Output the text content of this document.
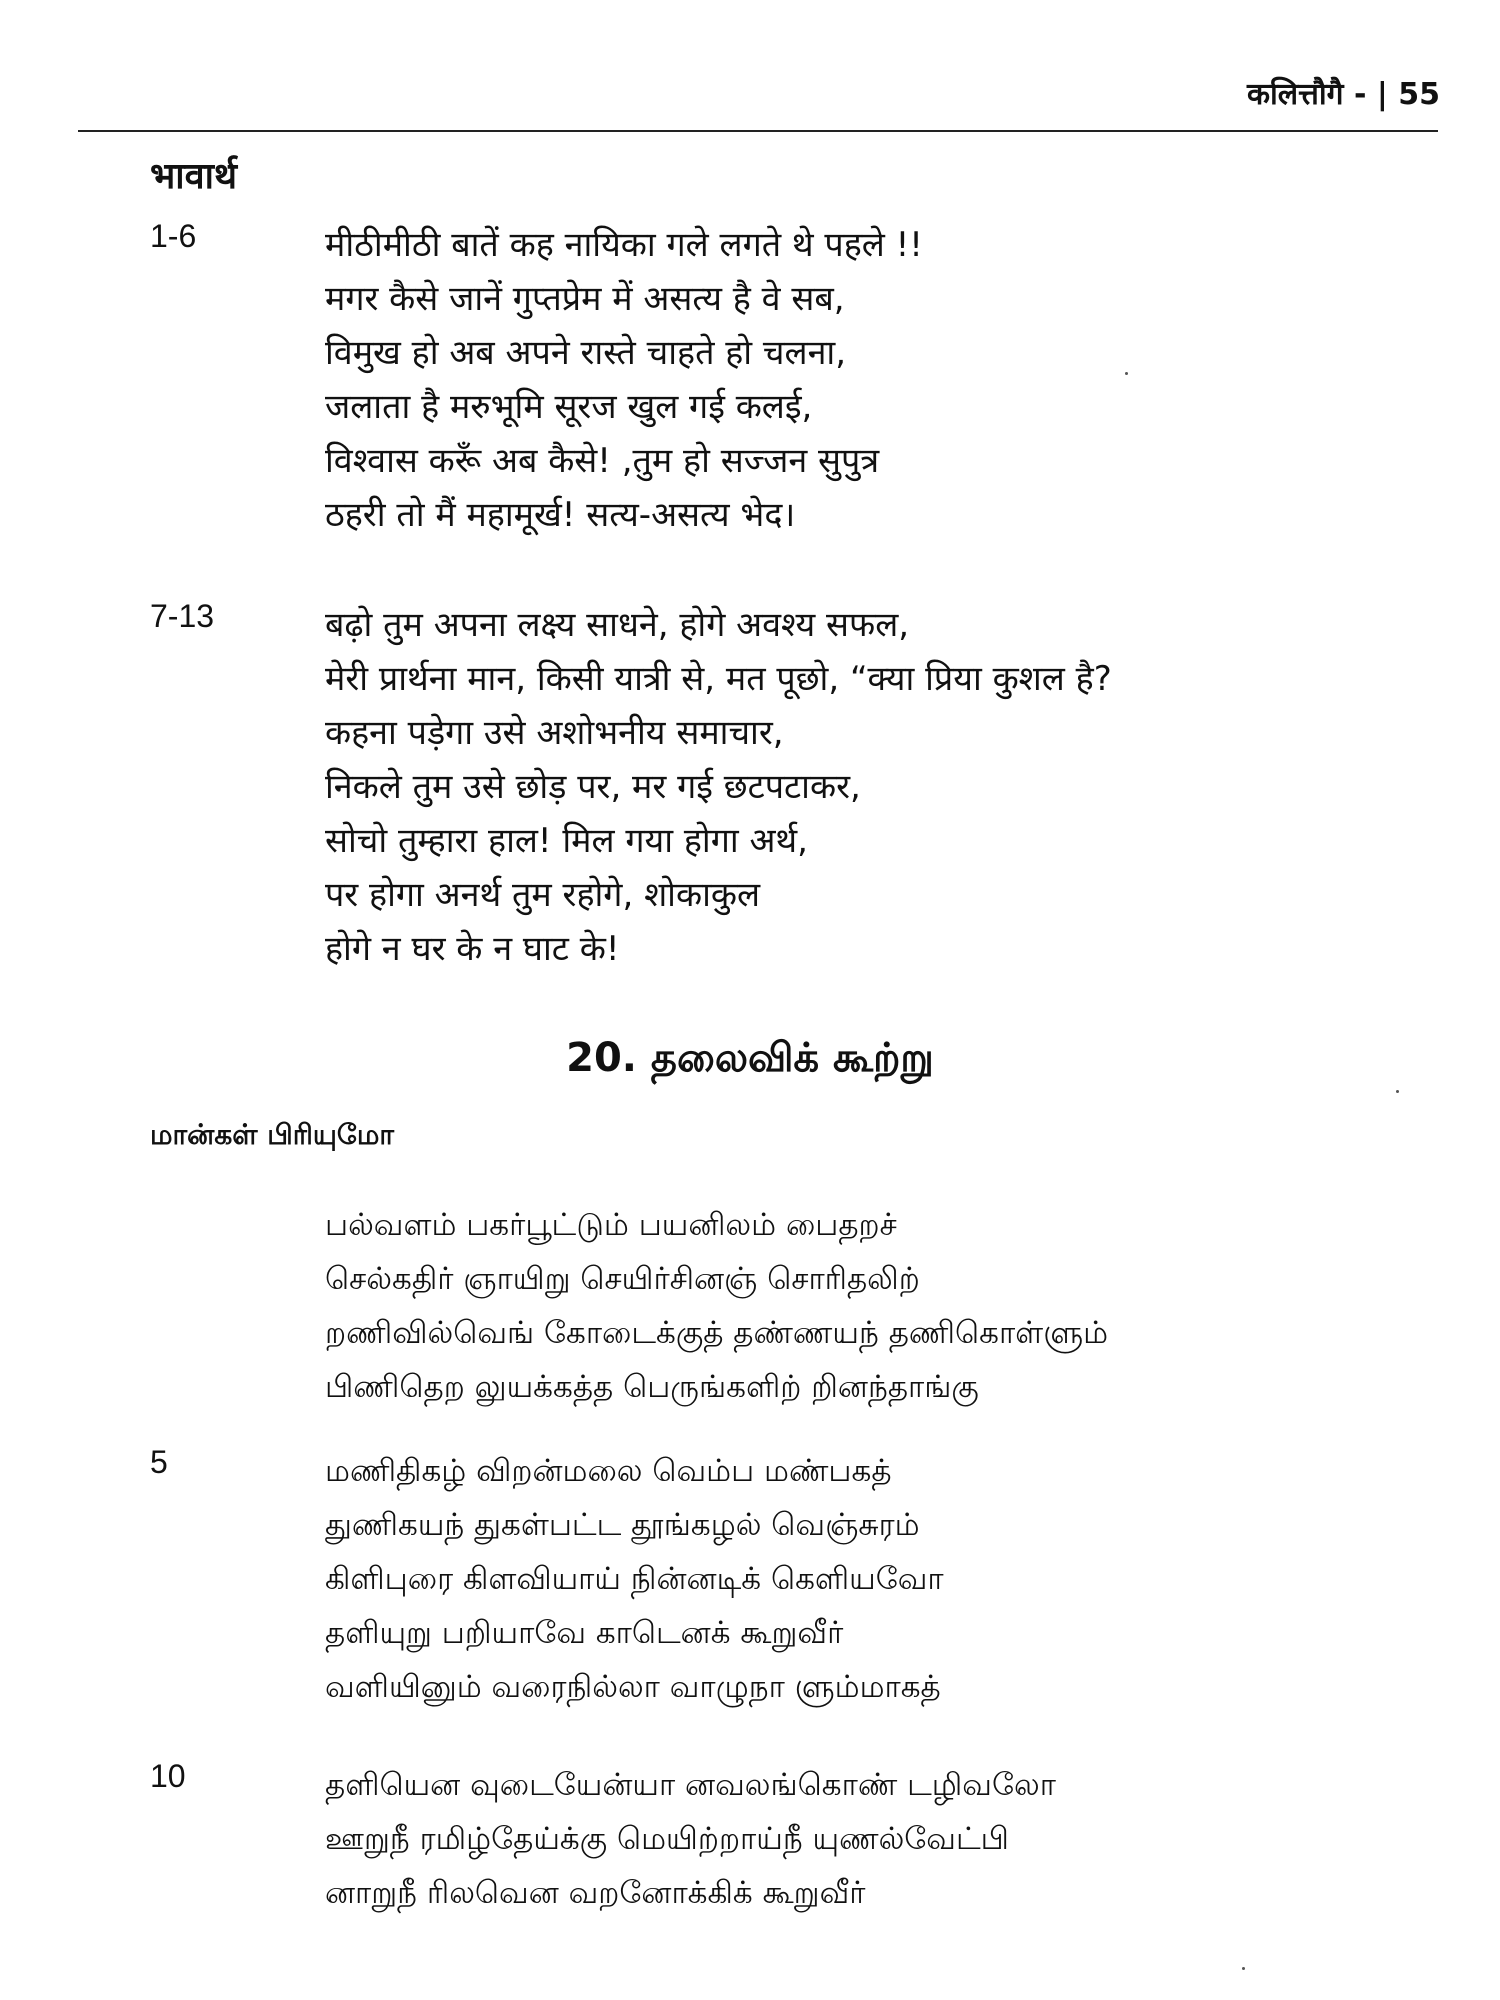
कलित्तौगै - | 55
भावार्थ
1-6	मीठीमीठी बातें कह नायिका गले लगते थे पहले !!
मगर कैसे जानें गुप्तप्रेम में असत्य है वे सब,
विमुख हो अब अपने रास्ते चाहते हो चलना,
जलाता है मरुभूमि सूरज खुल गई कलई,
विश्वास करूँ अब कैसे! ,तुम हो सज्जन सुपुत्र
ठहरी तो मैं महामूर्ख! सत्य-असत्य भेद।
7-13	बढ़ो तुम अपना लक्ष्य साधने, होगे अवश्य सफल,
मेरी प्रार्थना मान, किसी यात्री से, मत पूछो, “क्या प्रिया कुशल है?
कहना पड़ेगा उसे अशोभनीय समाचार,
निकले तुम उसे छोड़ पर, मर गई छटपटाकर,
सोचो तुम्हारा हाल! मिल गया होगा अर्थ,
पर होगा अनर्थ तुम रहोगे, शोकाकुल
होगे न घर के न घाट के!
20. தலைவிக் கூற்று
மான்கள் பிரியுமோ
பல்வளம் பகர்பூட்டும் பயனிலம் பைதறச்
செல்கதிர் ஞாயிறு செயிர்சினஞ் சொரிதலிற்
றணிவில்வெங் கோடைக்குத் தண்ணயந் தணிகொள்ளும்
பிணிதெற லுயக்கத்த பெருங்களிற் றினந்தாங்கு
5	மணிதிகழ் விறன்மலை வெம்ப மண்பகத்
துணிகயந் துகள்பட்ட தூங்கழல் வெஞ்சுரம்
கிளிபுரை கிளவியாய் நின்னடிக் கெளியவோ
தளியுறு பறியாவே காடெனக் கூறுவீர்
வளியினும் வரைநில்லா வாழுநா ளும்மாகத்
10	தளியென வுடையேன்யா னவலங்கொண் டழிவலோ
ஊறுநீ ரமிழ்தேய்க்கு மெயிற்றாய்நீ யுணல்வேட்பி
னாறுநீ ரிலவென வறனோக்கிக் கூறுவீர்
